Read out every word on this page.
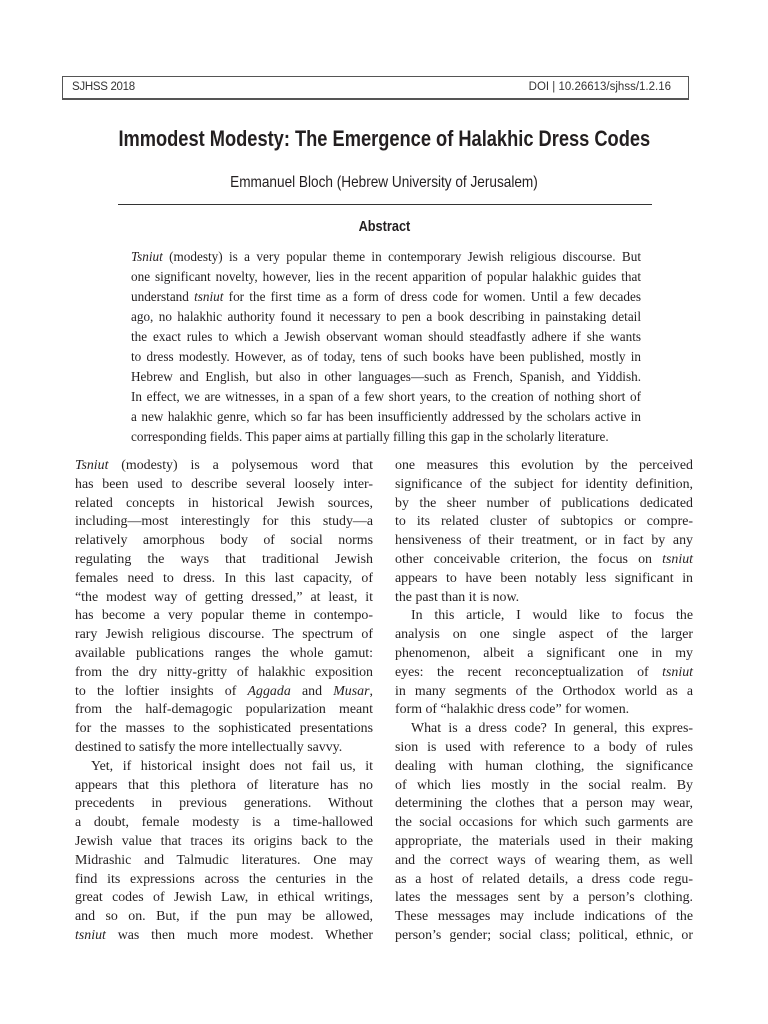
SJHSS 2018	DOI | 10.26613/sjhss/1.2.16
Immodest Modesty: The Emergence of Halakhic Dress Codes
Emmanuel Bloch (Hebrew University of Jerusalem)
Abstract
Tsniut (modesty) is a very popular theme in contemporary Jewish religious discourse. But
one significant novelty, however, lies in the recent apparition of popular halakhic guides that
understand tsniut for the first time as a form of dress code for women. Until a few decades
ago, no halakhic authority found it necessary to pen a book describing in painstaking detail
the exact rules to which a Jewish observant woman should steadfastly adhere if she wants
to dress modestly. However, as of today, tens of such books have been published, mostly in
Hebrew and English, but also in other languages—such as French, Spanish, and Yiddish.
In effect, we are witnesses, in a span of a few short years, to the creation of nothing short of
a new halakhic genre, which so far has been insufficiently addressed by the scholars active in
corresponding fields. This paper aims at partially filling this gap in the scholarly literature.
Tsniut (modesty) is a polysemous word that
has been used to describe several loosely inter-
related concepts in historical Jewish sources,
including—most interestingly for this study—a
relatively amorphous body of social norms
regulating the ways that traditional Jewish
females need to dress. In this last capacity, of
“the modest way of getting dressed,” at least, it
has become a very popular theme in contempo-
rary Jewish religious discourse. The spectrum of
available publications ranges the whole gamut:
from the dry nitty-gritty of halakhic exposition
to the loftier insights of Aggada and Musar,
from the half-demagogic popularization meant
for the masses to the sophisticated presentations
destined to satisfy the more intellectually savvy.
Yet, if historical insight does not fail us, it
appears that this plethora of literature has no
precedents in previous generations. Without
a doubt, female modesty is a time-hallowed
Jewish value that traces its origins back to the
Midrashic and Talmudic literatures. One may
find its expressions across the centuries in the
great codes of Jewish Law, in ethical writings,
and so on. But, if the pun may be allowed,
tsniut was then much more modest. Whether
one measures this evolution by the perceived
significance of the subject for identity definition,
by the sheer number of publications dedicated
to its related cluster of subtopics or compre-
hensiveness of their treatment, or in fact by any
other conceivable criterion, the focus on tsniut
appears to have been notably less significant in
the past than it is now.
In this article, I would like to focus the
analysis on one single aspect of the larger
phenomenon, albeit a significant one in my
eyes: the recent reconceptualization of tsniut
in many segments of the Orthodox world as a
form of “halakhic dress code” for women.
What is a dress code? In general, this expres-
sion is used with reference to a body of rules
dealing with human clothing, the significance
of which lies mostly in the social realm. By
determining the clothes that a person may wear,
the social occasions for which such garments are
appropriate, the materials used in their making
and the correct ways of wearing them, as well
as a host of related details, a dress code regu-
lates the messages sent by a person’s clothing.
These messages may include indications of the
person’s gender; social class; political, ethnic, or
